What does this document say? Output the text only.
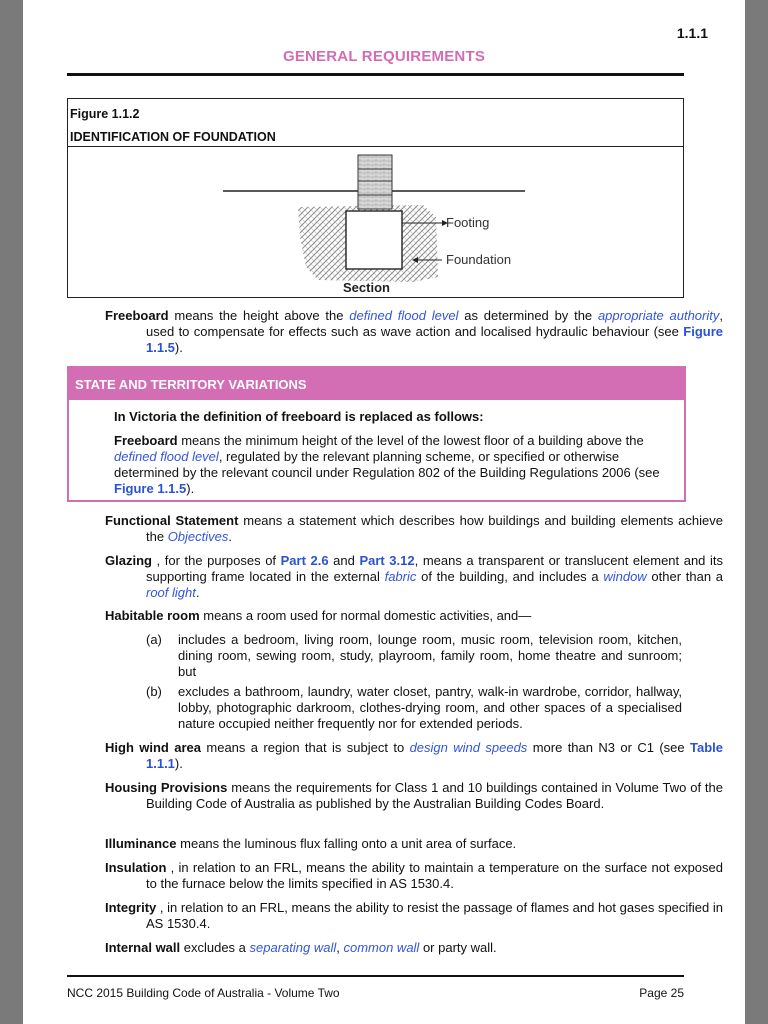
1.1.1
GENERAL REQUIREMENTS
Figure 1.1.2
IDENTIFICATION OF FOUNDATION
Footing
Foundation
Section
Freeboard means the height above the defined flood level as determined by the appropriate authority, used to compensate for effects such as wave action and localised hydraulic behaviour (see Figure 1.1.5).
STATE AND TERRITORY VARIATIONS
In Victoria the definition of freeboard is replaced as follows:
Freeboard means the minimum height of the level of the lowest floor of a building above the defined flood level, regulated by the relevant planning scheme, or specified or otherwise determined by the relevant council under Regulation 802 of the Building Regulations 2006 (see Figure 1.1.5).
Functional Statement means a statement which describes how buildings and building elements achieve the Objectives.
Glazing , for the purposes of Part 2.6 and Part 3.12, means a transparent or translucent element and its supporting frame located in the external fabric of the building, and includes a window other than a roof light.
Habitable room means a room used for normal domestic activities, and—
(a) includes a bedroom, living room, lounge room, music room, television room, kitchen, dining room, sewing room, study, playroom, family room, home theatre and sunroom; but
(b) excludes a bathroom, laundry, water closet, pantry, walk-in wardrobe, corridor, hallway, lobby, photographic darkroom, clothes-drying room, and other spaces of a specialised nature occupied neither frequently nor for extended periods.
High wind area means a region that is subject to design wind speeds more than N3 or C1 (see Table 1.1.1).
Housing Provisions means the requirements for Class 1 and 10 buildings contained in Volume Two of the Building Code of Australia as published by the Australian Building Codes Board.
Illuminance means the luminous flux falling onto a unit area of surface.
Insulation , in relation to an FRL, means the ability to maintain a temperature on the surface not exposed to the furnace below the limits specified in AS 1530.4.
Integrity , in relation to an FRL, means the ability to resist the passage of flames and hot gases specified in AS 1530.4.
Internal wall excludes a separating wall, common wall or party wall.
NCC 2015 Building Code of Australia - Volume Two	Page 25
